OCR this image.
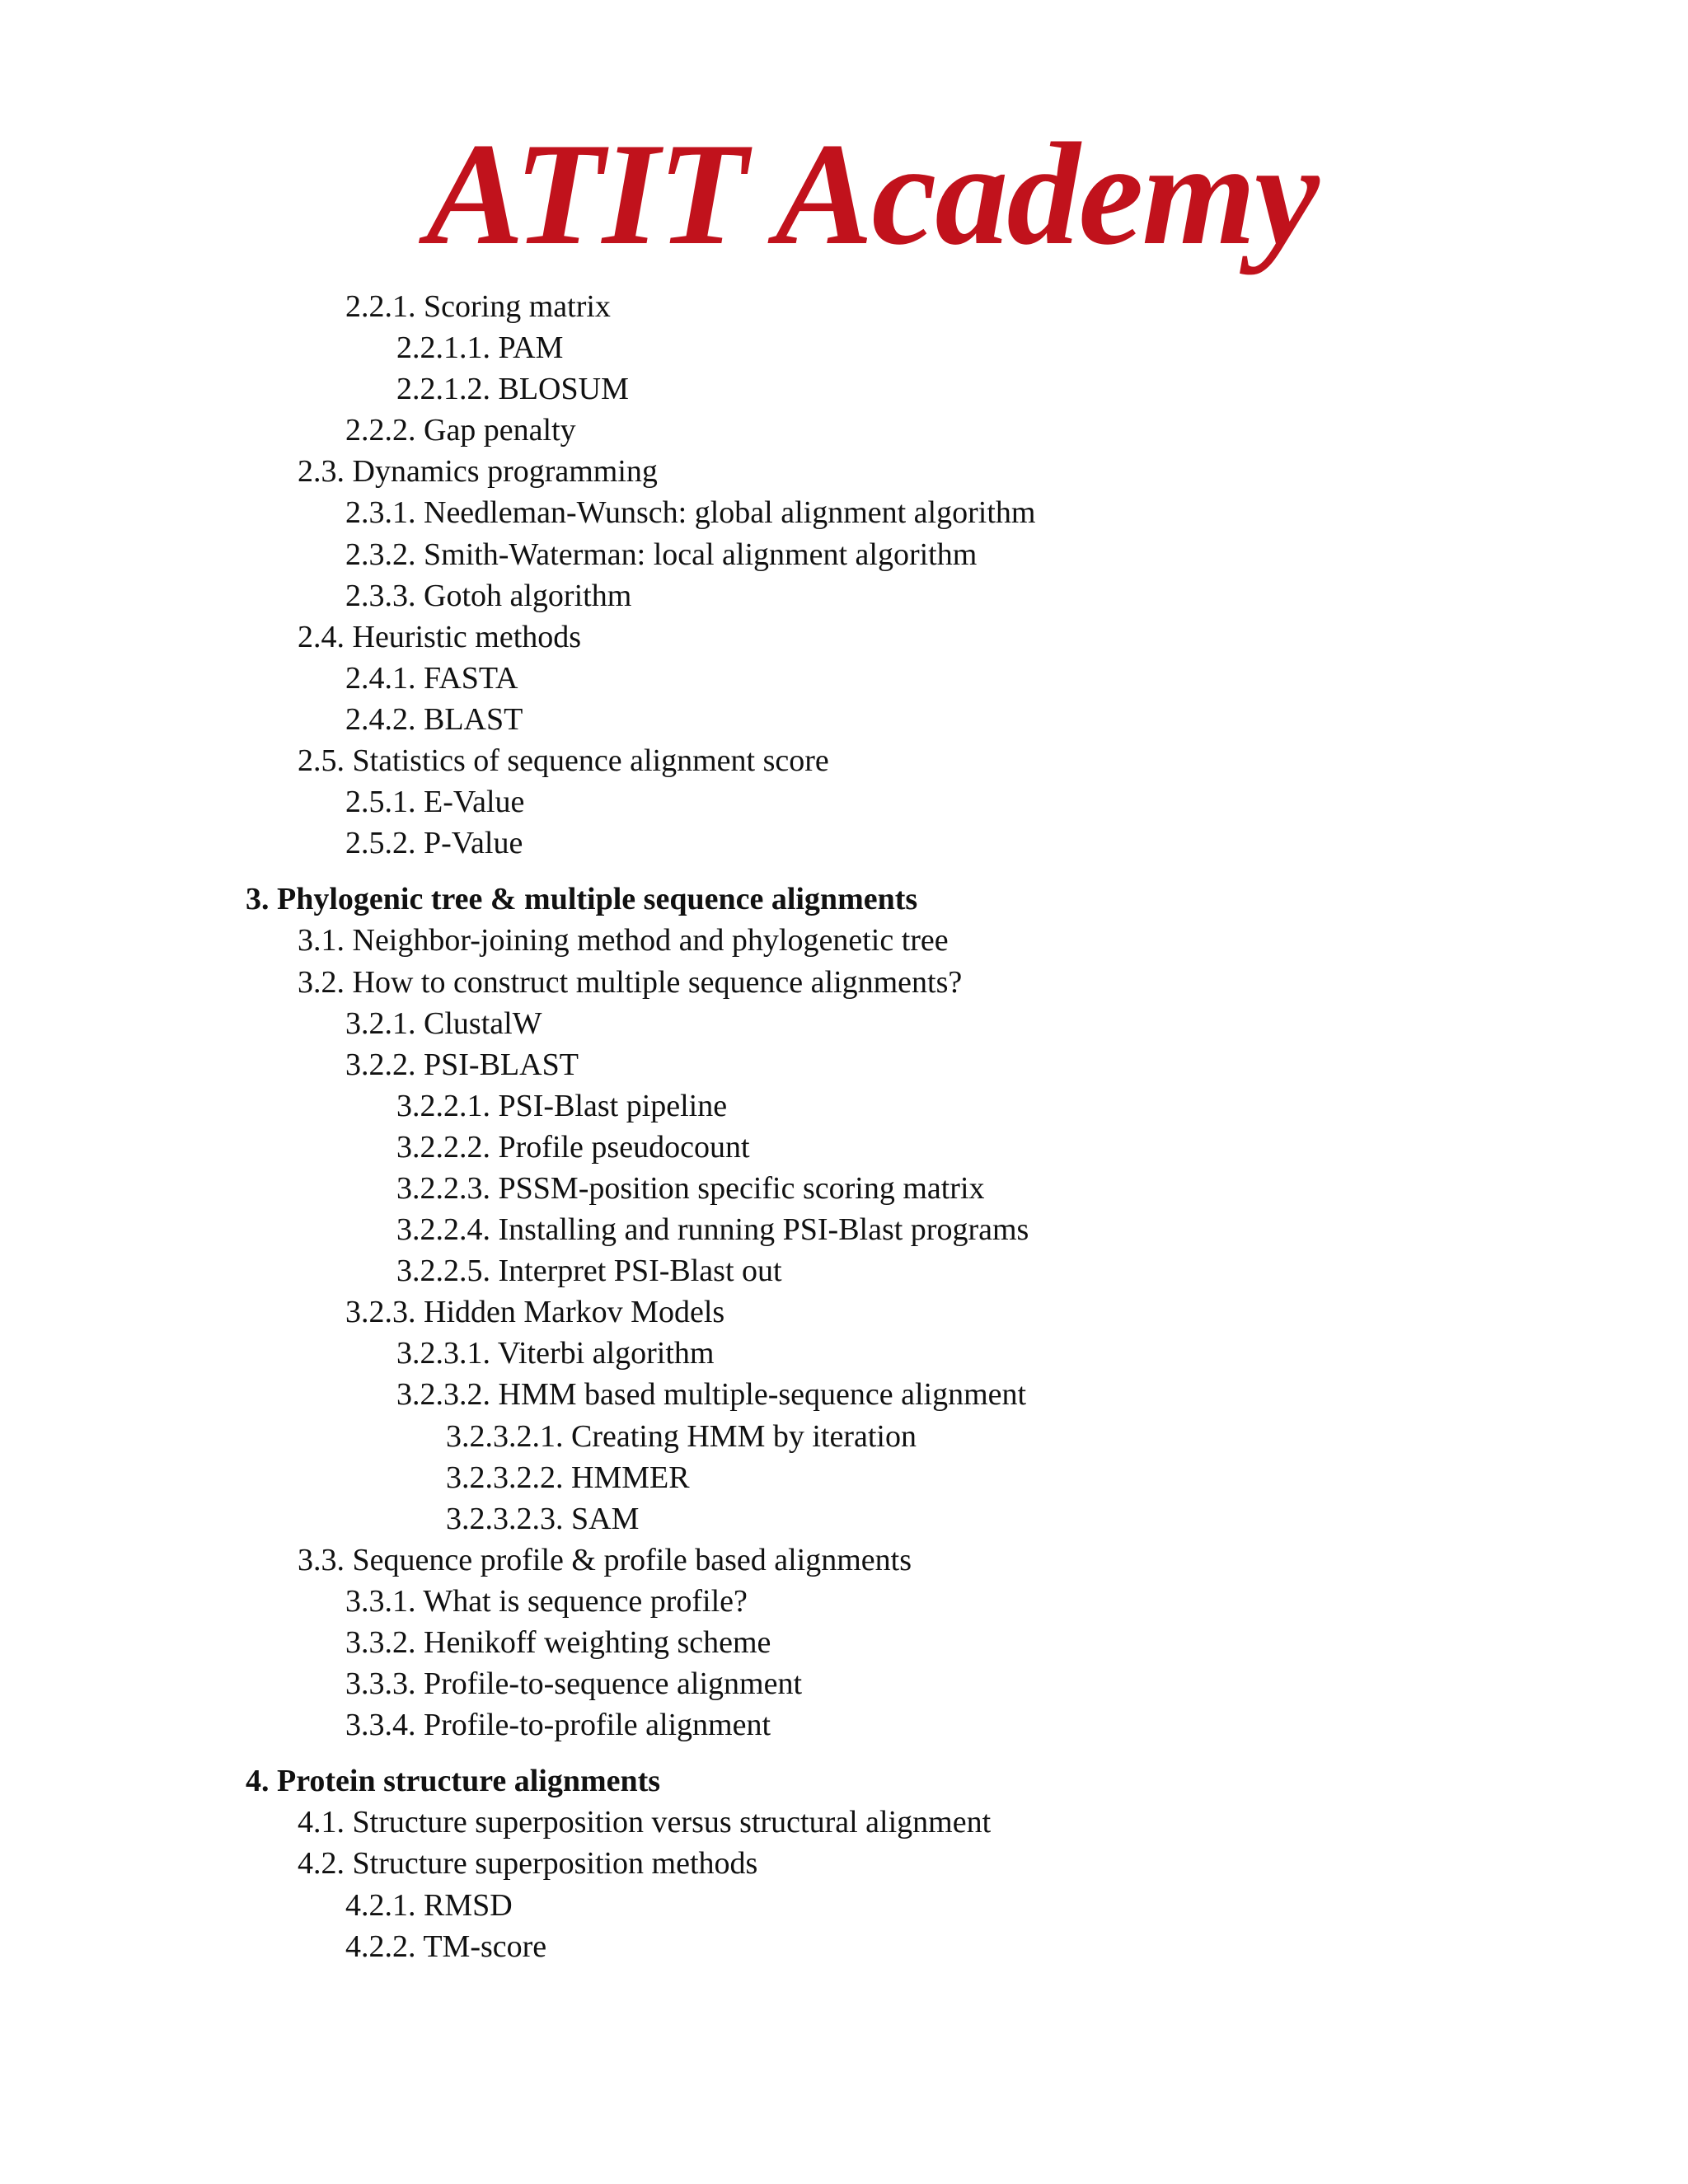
ATIT Academy
2.2.1. Scoring matrix
2.2.1.1. PAM
2.2.1.2. BLOSUM
2.2.2. Gap penalty
2.3. Dynamics programming
2.3.1. Needleman-Wunsch: global alignment algorithm
2.3.2. Smith-Waterman: local alignment algorithm
2.3.3. Gotoh algorithm
2.4. Heuristic methods
2.4.1. FASTA
2.4.2. BLAST
2.5. Statistics of sequence alignment score
2.5.1. E-Value
2.5.2. P-Value
3. Phylogenic tree & multiple sequence alignments
3.1. Neighbor-joining method and phylogenetic tree
3.2. How to construct multiple sequence alignments?
3.2.1. ClustalW
3.2.2. PSI-BLAST
3.2.2.1. PSI-Blast pipeline
3.2.2.2. Profile pseudocount
3.2.2.3. PSSM-position specific scoring matrix
3.2.2.4. Installing and running PSI-Blast programs
3.2.2.5. Interpret PSI-Blast out
3.2.3. Hidden Markov Models
3.2.3.1. Viterbi algorithm
3.2.3.2. HMM based multiple-sequence alignment
3.2.3.2.1. Creating HMM by iteration
3.2.3.2.2. HMMER
3.2.3.2.3. SAM
3.3. Sequence profile & profile based alignments
3.3.1. What is sequence profile?
3.3.2. Henikoff weighting scheme
3.3.3. Profile-to-sequence alignment
3.3.4. Profile-to-profile alignment
4. Protein structure alignments
4.1. Structure superposition versus structural alignment
4.2. Structure superposition methods
4.2.1. RMSD
4.2.2. TM-score
